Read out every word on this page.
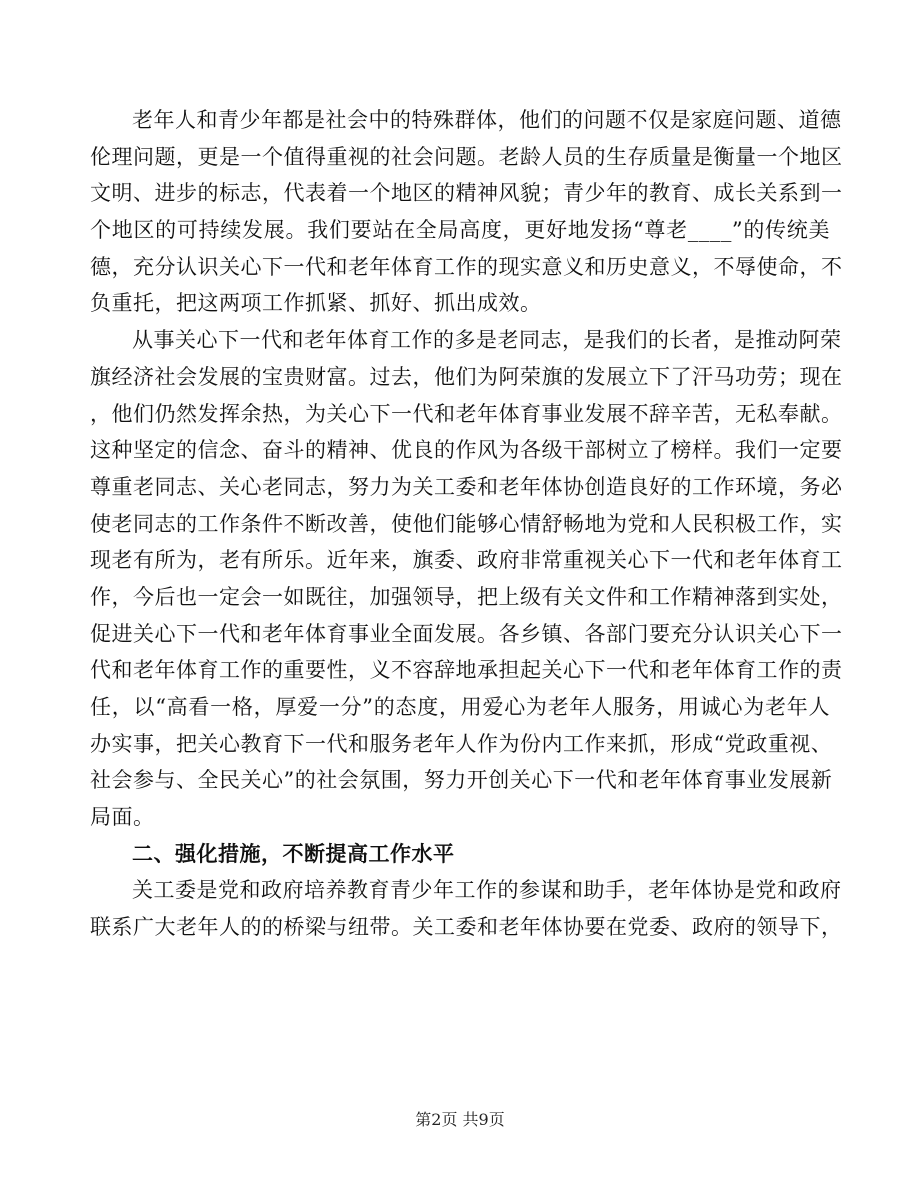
老年人和青少年都是社会中的特殊群体，他们的问题不仅是家庭问题、道德
伦理问题，更是一个值得重视的社会问题。老龄人员的生存质量是衡量一个地区
文明、进步的标志，代表着一个地区的精神风貌；青少年的教育、成长关系到一
个地区的可持续发展。我们要站在全局高度，更好地发扬“尊老____”的传统美
德，充分认识关心下一代和老年体育工作的现实意义和历史意义，不辱使命，不
负重托，把这两项工作抓紧、抓好、抓出成效。
从事关心下一代和老年体育工作的多是老同志，是我们的长者，是推动阿荣
旗经济社会发展的宝贵财富。过去，他们为阿荣旗的发展立下了汗马功劳；现在
，他们仍然发挥余热，为关心下一代和老年体育事业发展不辞辛苦，无私奉献。
这种坚定的信念、奋斗的精神、优良的作风为各级干部树立了榜样。我们一定要
尊重老同志、关心老同志，努力为关工委和老年体协创造良好的工作环境，务必
使老同志的工作条件不断改善，使他们能够心情舒畅地为党和人民积极工作，实
现老有所为，老有所乐。近年来，旗委、政府非常重视关心下一代和老年体育工
作，今后也一定会一如既往，加强领导，把上级有关文件和工作精神落到实处，
促进关心下一代和老年体育事业全面发展。各乡镇、各部门要充分认识关心下一
代和老年体育工作的重要性，义不容辞地承担起关心下一代和老年体育工作的责
任，以“高看一格，厚爱一分”的态度，用爱心为老年人服务，用诚心为老年人
办实事，把关心教育下一代和服务老年人作为份内工作来抓，形成“党政重视、
社会参与、全民关心”的社会氛围，努力开创关心下一代和老年体育事业发展新
局面。
二、强化措施，不断提高工作水平
关工委是党和政府培养教育青少年工作的参谋和助手，老年体协是党和政府
联系广大老年人的的桥梁与纽带。关工委和老年体协要在党委、政府的领导下，
第2页 共9页
